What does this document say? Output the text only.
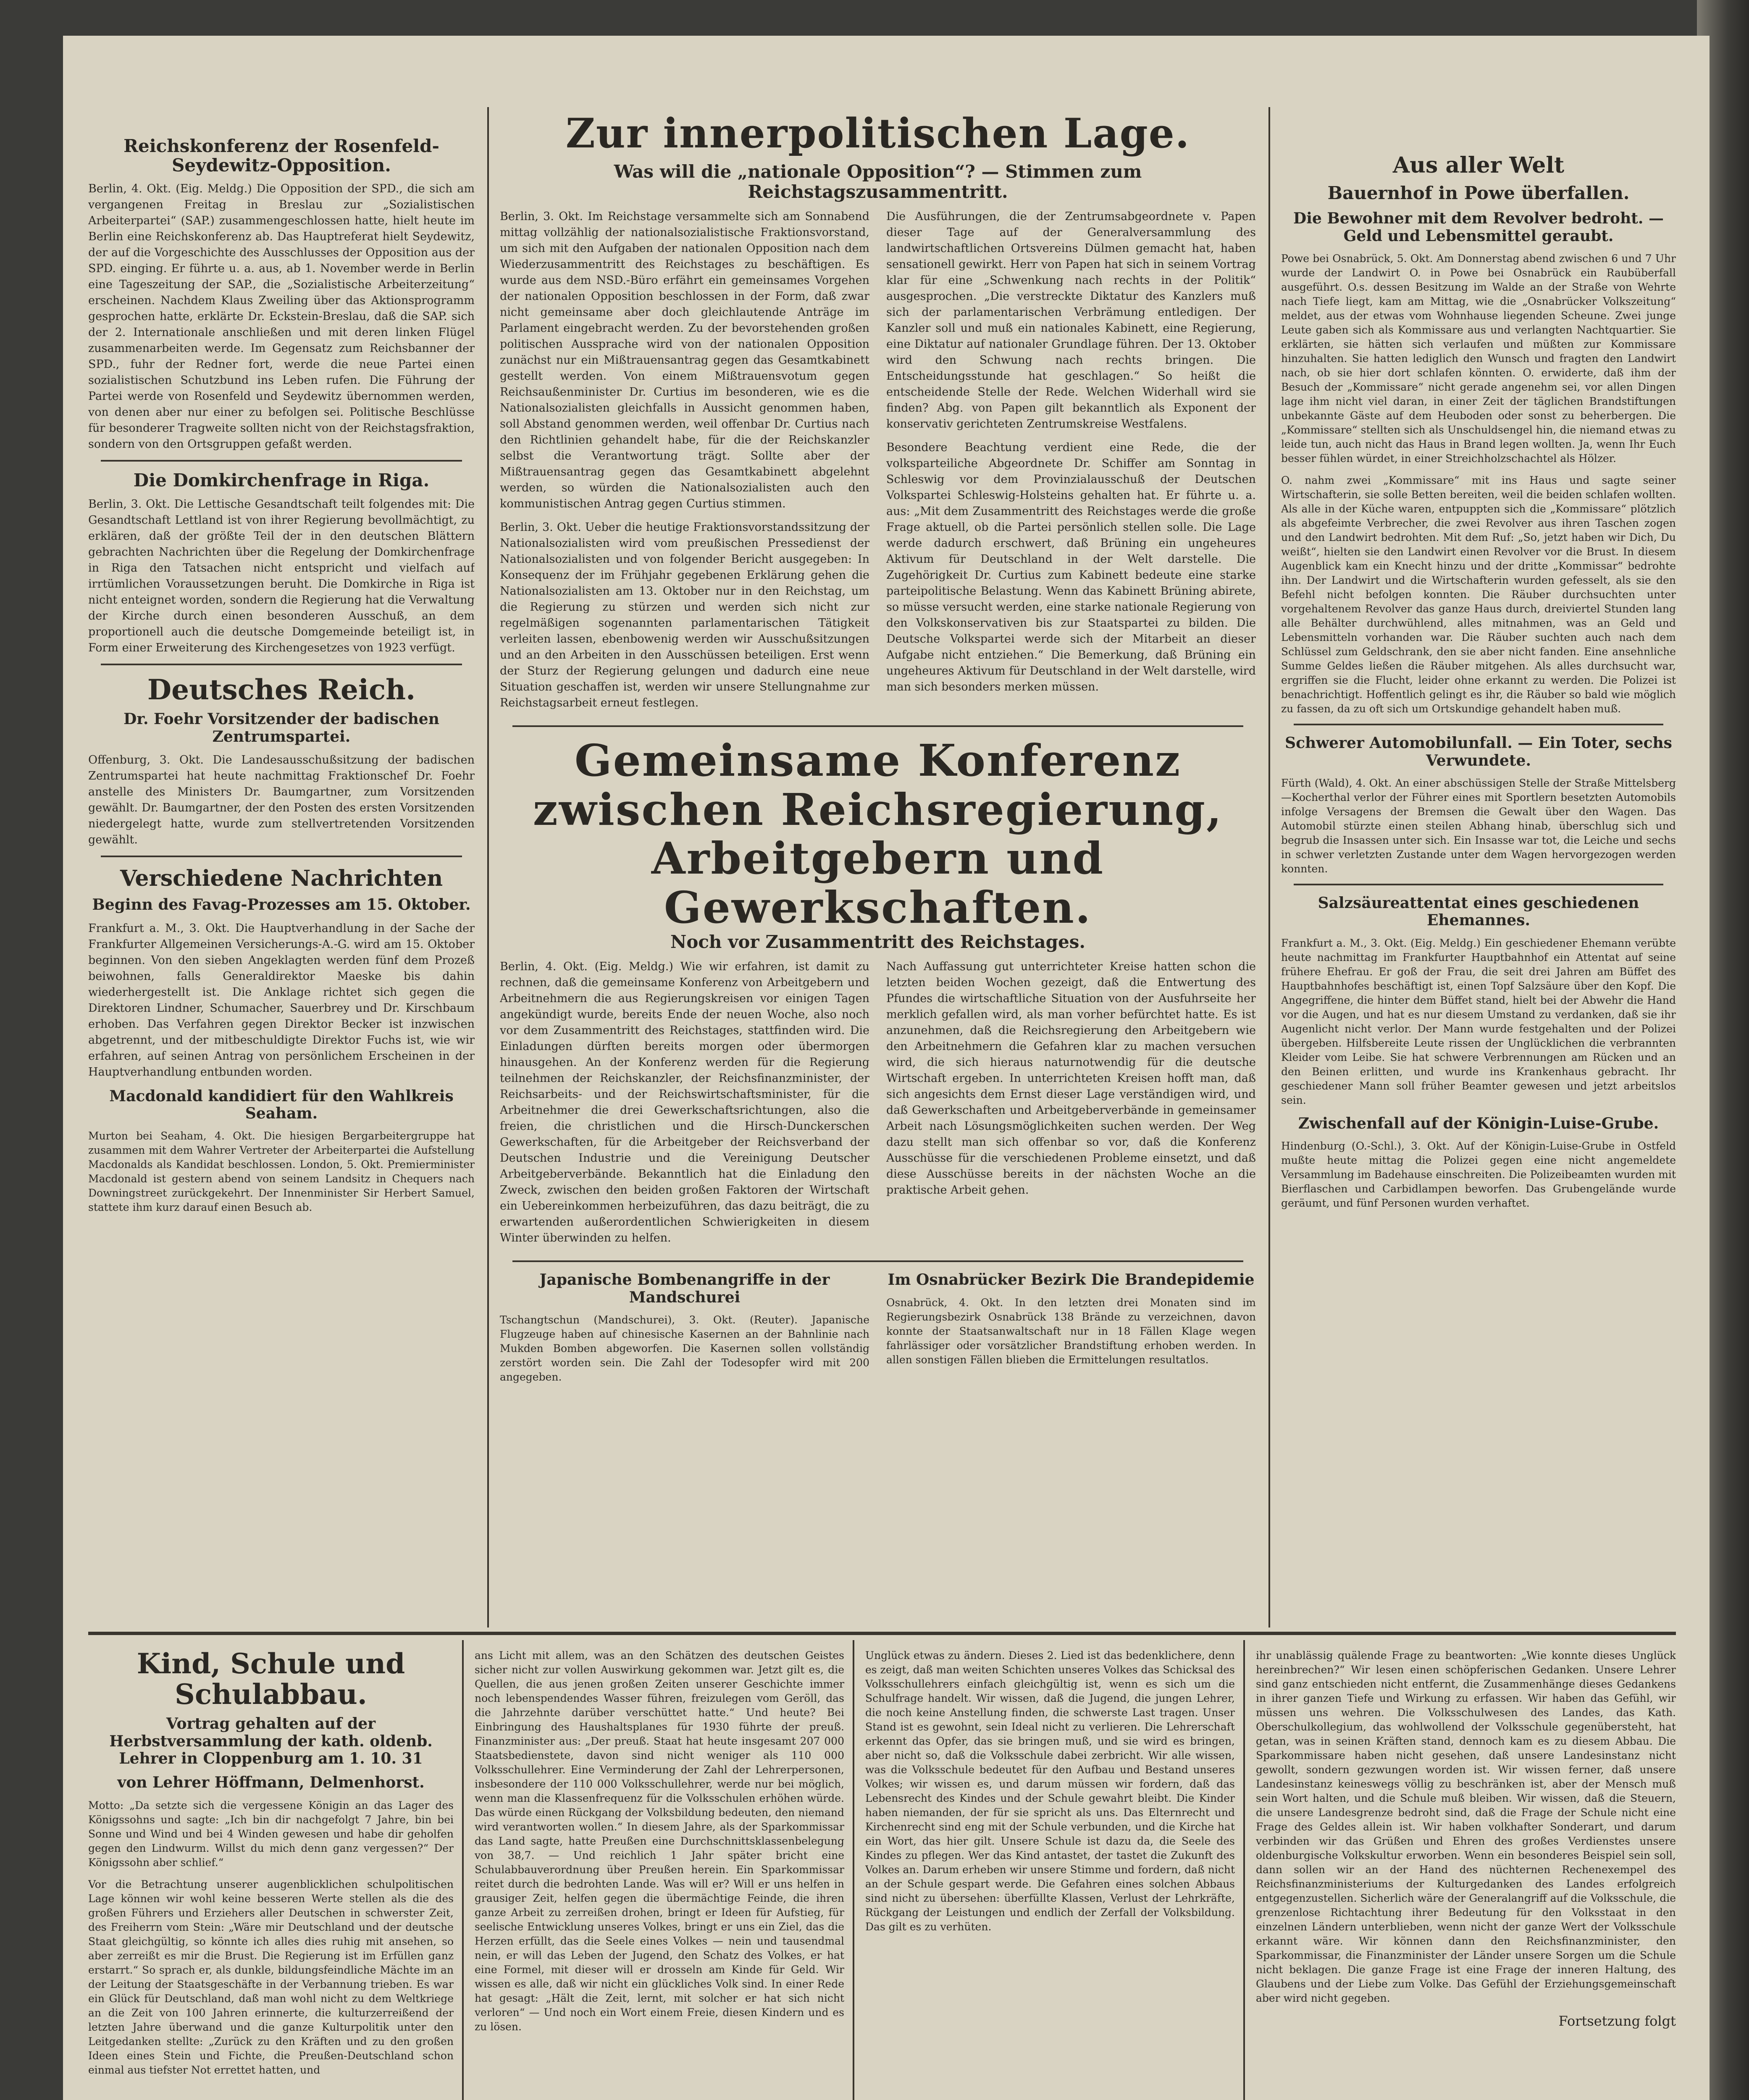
Reichskonferenz der Rosenfeld-Seydewitz-Opposition.

Berlin, 4. Okt. (Eig. Meldg.) Die Opposition der SPD., die sich am vergangenen Freitag in Breslau zur „Sozialistischen Arbeiterpartei“ (SAP.) zusammengeschlossen hatte, hielt heute im Berlin eine Reichskonferenz ab. Das Hauptreferat hielt Seydewitz, der auf die Vorgeschichte des Ausschlusses der Opposition aus der SPD. einging. Er führte u. a. aus, ab 1. November werde in Berlin eine Tageszeitung der SAP., die „Sozialistische Arbeiterzeitung“ erscheinen. Nachdem Klaus Zweiling über das Aktionsprogramm gesprochen hatte, erklärte Dr. Eckstein-Breslau, daß die SAP. sich der 2. Internationale anschließen und mit deren linken Flügel zusammenarbeiten werde. Im Gegensatz zum Reichsbanner der SPD., fuhr der Redner fort, werde die neue Partei einen sozialistischen Schutzbund ins Leben rufen. Die Führung der Partei werde von Rosenfeld und Seydewitz übernommen werden, von denen aber nur einer zu befolgen sei. Politische Beschlüsse für besonderer Tragweite sollten nicht von der Reichstagsfraktion, sondern von den Ortsgruppen gefaßt werden.

Die Domkirchenfrage in Riga.

Berlin, 3. Okt. Die Lettische Gesandtschaft teilt folgendes mit: Die Gesandtschaft Lettland ist von ihrer Regierung bevollmächtigt, zu erklären, daß der größte Teil der in den deutschen Blättern gebrachten Nachrichten über die Regelung der Domkirchenfrage in Riga den Tatsachen nicht entspricht und vielfach auf irrtümlichen Voraussetzungen beruht. Die Domkirche in Riga ist nicht enteignet worden, sondern die Regierung hat die Verwaltung der Kirche durch einen besonderen Ausschuß, an dem proportionell auch die deutsche Domgemeinde beteiligt ist, in Form einer Erweiterung des Kirchengesetzes von 1923 verfügt.

Deutsches Reich.
Dr. Foehr Vorsitzender der badischen Zentrumspartei.

Offenburg, 3. Okt. Die Landesausschußsitzung der badischen Zentrumspartei hat heute nachmittag Fraktionschef Dr. Foehr anstelle des Ministers Dr. Baumgartner, zum Vorsitzenden gewählt. Dr. Baumgartner, der den Posten des ersten Vorsitzenden niedergelegt hatte, wurde zum stellvertretenden Vorsitzenden gewählt.

Verschiedene Nachrichten
Beginn des Favag-Prozesses am 15. Oktober.

Frankfurt a. M., 3. Okt. Die Hauptverhandlung in der Sache der Frankfurter Allgemeinen Versicherungs-A.-G. wird am 15. Oktober beginnen. Von den sieben Angeklagten werden fünf dem Prozeß beiwohnen, falls Generaldirektor Maeske bis dahin wiederhergestellt ist. Die Anklage richtet sich gegen die Direktoren Lindner, Schumacher, Sauerbrey und Dr. Kirschbaum erhoben. Das Verfahren gegen Direktor Becker ist inzwischen abgetrennt, und der mitbeschuldigte Direktor Fuchs ist, wie wir erfahren, auf seinen Antrag von persönlichem Erscheinen in der Hauptverhandlung entbunden worden.

Macdonald kandidiert für den Wahlkreis Seaham.

Murton bei Seaham, 4. Okt. Die hiesigen Bergarbeitergruppe hat zusammen mit dem Wahrer Vertreter der Arbeiterpartei die Aufstellung Macdonalds als Kandidat beschlossen. London, 5. Okt. Premierminister Macdonald ist gestern abend von seinem Landsitz in Chequers nach Downingstreet zurückgekehrt. Der Innenminister Sir Herbert Samuel, stattete ihm kurz darauf einen Besuch ab.

Zur innerpolitischen Lage.
Was will die „nationale Opposition“? — Stimmen zum Reichstagszusammentritt.

Berlin, 3. Okt. Im Reichstage versammelte sich am Sonnabend mittag vollzählig der nationalsozialistische Fraktionsvorstand, um sich mit den Aufgaben der nationalen Opposition nach dem Wiederzusammentritt des Reichstages zu beschäftigen. Es wurde aus dem NSD.-Büro erfährt ein gemeinsames Vorgehen der nationalen Opposition beschlossen in der Form, daß zwar nicht gemeinsame aber doch gleichlautende Anträge im Parlament eingebracht werden. Zu der bevorstehenden großen politischen Aussprache wird von der nationalen Opposition zunächst nur ein Mißtrauensantrag gegen das Gesamtkabinett gestellt werden. Von einem Mißtrauensvotum gegen Reichsaußenminister Dr. Curtius im besonderen, wie es die Nationalsozialisten gleichfalls in Aussicht genommen haben, soll Abstand genommen werden, weil offenbar Dr. Curtius nach den Richtlinien gehandelt habe, für die der Reichskanzler selbst die Verantwortung trägt. Sollte aber der Mißtrauensantrag gegen das Gesamtkabinett abgelehnt werden, so würden die Nationalsozialisten auch den kommunistischen Antrag gegen Curtius stimmen.

Berlin, 3. Okt. Ueber die heutige Fraktionsvorstandssitzung der Nationalsozialisten wird vom preußischen Pressedienst der Nationalsozialisten und von folgender Bericht ausgegeben: In Konsequenz der im Frühjahr gegebenen Erklärung gehen die Nationalsozialisten am 13. Oktober nur in den Reichstag, um die Regierung zu stürzen und werden sich nicht zur regelmäßigen sogenannten parlamentarischen Tätigkeit verleiten lassen, ebenbowenig werden wir Ausschußsitzungen und an den Arbeiten in den Ausschüssen beteiligen. Erst wenn der Sturz der Regierung gelungen und dadurch eine neue Situation geschaffen ist, werden wir unsere Stellungnahme zur Reichstagsarbeit erneut festlegen.

Die Ausführungen, die der Zentrumsabgeordnete v. Papen dieser Tage auf der Generalversammlung des landwirtschaftlichen Ortsvereins Dülmen gemacht hat, haben sensationell gewirkt. Herr von Papen hat sich in seinem Vortrag klar für eine „Schwenkung nach rechts in der Politik“ ausgesprochen. „Die verstreckte Diktatur des Kanzlers muß sich der parlamentarischen Verbrämung entledigen. Der Kanzler soll und muß ein nationales Kabinett, eine Regierung, eine Diktatur auf nationaler Grundlage führen. Der 13. Oktober wird den Schwung nach rechts bringen. Die Entscheidungsstunde hat geschlagen.“ So heißt die entscheidende Stelle der Rede. Welchen Widerhall wird sie finden? Abg. von Papen gilt bekanntlich als Exponent der konservativ gerichteten Zentrumskreise Westfalens.

Besondere Beachtung verdient eine Rede, die der volksparteiliche Abgeordnete Dr. Schiffer am Sonntag in Schleswig vor dem Provinzialausschuß der Deutschen Volkspartei Schleswig-Holsteins gehalten hat. Er führte u. a. aus: „Mit dem Zusammentritt des Reichstages werde die große Frage aktuell, ob die Partei persönlich stellen solle. Die Lage werde dadurch erschwert, daß Brüning ein ungeheures Aktivum für Deutschland in der Welt darstelle. Die Zugehörigkeit Dr. Curtius zum Kabinett bedeute eine starke parteipolitische Belastung. Wenn das Kabinett Brüning abirete, so müsse versucht werden, eine starke nationale Regierung von den Volkskonservativen bis zur Staatspartei zu bilden. Die Deutsche Volkspartei werde sich der Mitarbeit an dieser Aufgabe nicht entziehen.“ Die Bemerkung, daß Brüning ein ungeheures Aktivum für Deutschland in der Welt darstelle, wird man sich besonders merken müssen.

Gemeinsame Konferenz zwischen Reichsregierung, Arbeitgebern und Gewerkschaften.
Noch vor Zusammentritt des Reichstages.

Berlin, 4. Okt. (Eig. Meldg.) Wie wir erfahren, ist damit zu rechnen, daß die gemeinsame Konferenz von Arbeitgebern und Arbeitnehmern die aus Regierungskreisen vor einigen Tagen angekündigt wurde, bereits Ende der neuen Woche, also noch vor dem Zusammentritt des Reichstages, stattfinden wird. Die Einladungen dürften bereits morgen oder übermorgen hinausgehen. An der Konferenz werden für die Regierung teilnehmen der Reichskanzler, der Reichsfinanzminister, der Reichsarbeits- und der Reichswirtschaftsminister, für die Arbeitnehmer die drei Gewerkschaftsrichtungen, also die freien, die christlichen und die Hirsch-Dunckerschen Gewerkschaften, für die Arbeitgeber der Reichsverband der Deutschen Industrie und die Vereinigung Deutscher Arbeitgeberverbände. Bekanntlich hat die Einladung den Zweck, zwischen den beiden großen Faktoren der Wirtschaft ein Uebereinkommen herbeizuführen, das dazu beiträgt, die zu erwartenden außerordentlichen Schwierigkeiten in diesem Winter überwinden zu helfen.

Nach Auffassung gut unterrichteter Kreise hatten schon die letzten beiden Wochen gezeigt, daß die Entwertung des Pfundes die wirtschaftliche Situation von der Ausfuhrseite her merklich gefallen wird, als man vorher befürchtet hatte. Es ist anzunehmen, daß die Reichsregierung den Arbeitgebern wie den Arbeitnehmern die Gefahren klar zu machen versuchen wird, die sich hieraus naturnotwendig für die deutsche Wirtschaft ergeben. In unterrichteten Kreisen hofft man, daß sich angesichts dem Ernst dieser Lage verständigen wird, und daß Gewerkschaften und Arbeitgeberverbände in gemeinsamer Arbeit nach Lösungsmöglichkeiten suchen werden. Der Weg dazu stellt man sich offenbar so vor, daß die Konferenz Ausschüsse für die verschiedenen Probleme einsetzt, und daß diese Ausschüsse bereits in der nächsten Woche an die praktische Arbeit gehen.

Japanische Bombenangriffe in der Mandschurei

Tschangtschun (Mandschurei), 3. Okt. (Reuter). Japanische Flugzeuge haben auf chinesische Kasernen an der Bahnlinie nach Mukden Bomben abgeworfen. Die Kasernen sollen vollständig zerstört worden sein. Die Zahl der Todesopfer wird mit 200 angegeben.

Im Osnabrücker Bezirk Die Brandepidemie

Osnabrück, 4. Okt. In den letzten drei Monaten sind im Regierungsbezirk Osnabrück 138 Brände zu verzeichnen, davon konnte der Staatsanwaltschaft nur in 18 Fällen Klage wegen fahrlässiger oder vorsätzlicher Brandstiftung erhoben werden. In allen sonstigen Fällen blieben die Ermittelungen resultatlos.

Aus aller Welt
Bauernhof in Powe überfallen.
Die Bewohner mit dem Revolver bedroht. — Geld und Lebensmittel geraubt.

Powe bei Osnabrück, 5. Okt. Am Donnerstag abend zwischen 6 und 7 Uhr wurde der Landwirt O. in Powe bei Osnabrück ein Raubüberfall ausgeführt. O.s. dessen Besitzung im Walde an der Straße von Wehrte nach Tiefe liegt, kam am Mittag, wie die „Osnabrücker Volkszeitung“ meldet, aus der etwas vom Wohnhause liegenden Scheune. Zwei junge Leute gaben sich als Kommissare aus und verlangten Nachtquartier. Sie erklärten, sie hätten sich verlaufen und müßten zur Kommissare hinzuhalten. Sie hatten lediglich den Wunsch und fragten den Landwirt nach, ob sie hier dort schlafen könnten. O. erwiderte, daß ihm der Besuch der „Kommissare“ nicht gerade angenehm sei, vor allen Dingen lage ihm nicht viel daran, in einer Zeit der täglichen Brandstiftungen unbekannte Gäste auf dem Heuboden oder sonst zu beherbergen. Die „Kommissare“ stellten sich als Unschuldsengel hin, die niemand etwas zu leide tun, auch nicht das Haus in Brand legen wollten. Ja, wenn Ihr Euch besser fühlen würdet, in einer Streichholzschachtel als Hölzer.

O. nahm zwei „Kommissare“ mit ins Haus und sagte seiner Wirtschafterin, sie solle Betten bereiten, weil die beiden schlafen wollten. Als alle in der Küche waren, entpuppten sich die „Kommissare“ plötzlich als abgefeimte Verbrecher, die zwei Revolver aus ihren Taschen zogen und den Landwirt bedrohten. Mit dem Ruf: „So, jetzt haben wir Dich, Du weißt“, hielten sie den Landwirt einen Revolver vor die Brust. In diesem Augenblick kam ein Knecht hinzu und der dritte „Kommissar“ bedrohte ihn. Der Landwirt und die Wirtschafterin wurden gefesselt, als sie den Befehl nicht befolgen konnten. Die Räuber durchsuchten unter vorgehaltenem Revolver das ganze Haus durch, dreiviertel Stunden lang alle Behälter durchwühlend, alles mitnahmen, was an Geld und Lebensmitteln vorhanden war. Die Räuber suchten auch nach dem Schlüssel zum Geldschrank, den sie aber nicht fanden. Eine ansehnliche Summe Geldes ließen die Räuber mitgehen. Als alles durchsucht war, ergriffen sie die Flucht, leider ohne erkannt zu werden. Die Polizei ist benachrichtigt. Hoffentlich gelingt es ihr, die Räuber so bald wie möglich zu fassen, da zu oft sich um Ortskundige gehandelt haben muß.

Schwerer Automobilunfall. — Ein Toter, sechs Verwundete.

Fürth (Wald), 4. Okt. An einer abschüssigen Stelle der Straße Mittelsberg—Kocherthal verlor der Führer eines mit Sportlern besetzten Automobils infolge Versagens der Bremsen die Gewalt über den Wagen. Das Automobil stürzte einen steilen Abhang hinab, überschlug sich und begrub die Insassen unter sich. Ein Insasse war tot, die Leiche und sechs in schwer verletzten Zustande unter dem Wagen hervorgezogen werden konnten.

Salzsäureattentat eines geschiedenen Ehemannes.

Frankfurt a. M., 3. Okt. (Eig. Meldg.) Ein geschiedener Ehemann verübte heute nachmittag im Frankfurter Hauptbahnhof ein Attentat auf seine frühere Ehefrau. Er goß der Frau, die seit drei Jahren am Büffet des Hauptbahnhofes beschäftigt ist, einen Topf Salzsäure über den Kopf. Die Angegriffene, die hinter dem Büffet stand, hielt bei der Abwehr die Hand vor die Augen, und hat es nur diesem Umstand zu verdanken, daß sie ihr Augenlicht nicht verlor. Der Mann wurde festgehalten und der Polizei übergeben. Hilfsbereite Leute rissen der Unglücklichen die verbrannten Kleider vom Leibe. Sie hat schwere Verbrennungen am Rücken und an den Beinen erlitten, und wurde ins Krankenhaus gebracht. Ihr geschiedener Mann soll früher Beamter gewesen und jetzt arbeitslos sein.

Zwischenfall auf der Königin-Luise-Grube.

Hindenburg (O.-Schl.), 3. Okt. Auf der Königin-Luise-Grube in Ostfeld mußte heute mittag die Polizei gegen eine nicht angemeldete Versammlung im Badehause einschreiten. Die Polizeibeamten wurden mit Bierflaschen und Carbidlampen beworfen. Das Grubengelände wurde geräumt, und fünf Personen wurden verhaftet.

Kind, Schule und Schulabbau.
Vortrag gehalten auf der Herbstversammlung der kath. oldenb. Lehrer in Cloppenburg am 1. 10. 31
von Lehrer Höffmann, Delmenhorst.

Motto: „Da setzte sich die vergessene Königin an das Lager des Königssohns und sagte: „Ich bin dir nachgefolgt 7 Jahre, bin bei Sonne und Wind und bei 4 Winden gewesen und habe dir geholfen gegen den Lindwurm. Willst du mich denn ganz vergessen?“ Der Königssohn aber schlief.“

Vor die Betrachtung unserer augenblicklichen schulpolitischen Lage können wir wohl keine besseren Werte stellen als die des großen Führers und Erziehers aller Deutschen in schwerster Zeit, des Freiherrn vom Stein: „Wäre mir Deutschland und der deutsche Staat gleichgültig, so könnte ich alles dies ruhig mit ansehen, so aber zerreißt es mir die Brust. Die Regierung ist im Erfüllen ganz erstarrt.“ So sprach er, als dunkle, bildungsfeindliche Mächte im an der Leitung der Staatsgeschäfte in der Verbannung trieben. Es war ein Glück für Deutschland, daß man wohl nicht zu dem Weltkriege an die Zeit von 100 Jahren erinnerte, die kulturzerreißend der letzten Jahre überwand und die ganze Kulturpolitik unter den Leitgedanken stellte: „Zurück zu den Kräften und zu den großen Ideen eines Stein und Fichte, die Preußen-Deutschland schon einmal aus tiefster Not errettet hatten, und

ans Licht mit allem, was an den Schätzen des deutschen Geistes sicher nicht zur vollen Auswirkung gekommen war. Jetzt gilt es, die Quellen, die aus jenen großen Zeiten unserer Geschichte immer noch lebenspendendes Wasser führen, freizulegen vom Geröll, das die Jahrzehnte darüber verschüttet hatte.“ Und heute? Bei Einbringung des Haushaltsplanes für 1930 führte der preuß. Finanzminister aus: „Der preuß. Staat hat heute insgesamt 207 000 Staatsbedienstete, davon sind nicht weniger als 110 000 Volksschullehrer. Eine Verminderung der Zahl der Lehrerpersonen, insbesondere der 110 000 Volksschullehrer, werde nur bei möglich, wenn man die Klassenfrequenz für die Volksschulen erhöhen würde. Das würde einen Rückgang der Volksbildung bedeuten, den niemand wird verantworten wollen.“ In diesem Jahre, als der Sparkommissar das Land sagte, hatte Preußen eine Durchschnittsklassenbelegung von 38,7. — Und reichlich 1 Jahr später bricht eine Schulabbauverordnung über Preußen herein. Ein Sparkommissar reitet durch die bedrohten Lande. Was will er? Will er uns helfen in grausiger Zeit, helfen gegen die übermächtige Feinde, die ihren ganze Arbeit zu zerreißen drohen, bringt er Ideen für Aufstieg, für seelische Entwicklung unseres Volkes, bringt er uns ein Ziel, das die Herzen erfüllt, das die Seele eines Volkes — nein und tausendmal nein, er will das Leben der Jugend, den Schatz des Volkes, er hat eine Formel, mit dieser will er drosseln am Kinde für Geld. Wir wissen es alle, daß wir nicht ein glückliches Volk sind. In einer Rede hat gesagt: „Hält die Zeit, lernt, mit solcher er hat sich nicht verloren“ — Und noch ein Wort einem Freie, diesen Kindern und es zu lösen.

Unglück etwas zu ändern. Dieses 2. Lied ist das bedenklichere, denn es zeigt, daß man weiten Schichten unseres Volkes das Schicksal des Volksschullehrers einfach gleichgültig ist, wenn es sich um die Schulfrage handelt. Wir wissen, daß die Jugend, die jungen Lehrer, die noch keine Anstellung finden, die schwerste Last tragen. Unser Stand ist es gewohnt, sein Ideal nicht zu verlieren. Die Lehrerschaft erkennt das Opfer, das sie bringen muß, und sie wird es bringen, aber nicht so, daß die Volksschule dabei zerbricht. Wir alle wissen, was die Volksschule bedeutet für den Aufbau und Bestand unseres Volkes; wir wissen es, und darum müssen wir fordern, daß das Lebensrecht des Kindes und der Schule gewahrt bleibt. Die Kinder haben niemanden, der für sie spricht als uns. Das Elternrecht und Kirchenrecht sind eng mit der Schule verbunden, und die Kirche hat ein Wort, das hier gilt. Unsere Schule ist dazu da, die Seele des Kindes zu pflegen. Wer das Kind antastet, der tastet die Zukunft des Volkes an. Darum erheben wir unsere Stimme und fordern, daß nicht an der Schule gespart werde. Die Gefahren eines solchen Abbaus sind nicht zu übersehen: überfüllte Klassen, Verlust der Lehrkräfte, Rückgang der Leistungen und endlich der Zerfall der Volksbildung. Das gilt es zu verhüten.

ihr unablässig quälende Frage zu beantworten: „Wie konnte dieses Unglück hereinbrechen?“ Wir lesen einen schöpferischen Gedanken. Unsere Lehrer sind ganz entschieden nicht entfernt, die Zusammenhänge dieses Gedankens in ihrer ganzen Tiefe und Wirkung zu erfassen. Wir haben das Gefühl, wir müssen uns wehren. Die Volksschulwesen des Landes, das Kath. Oberschulkollegium, das wohlwollend der Volksschule gegenübersteht, hat getan, was in seinen Kräften stand, dennoch kam es zu diesem Abbau. Die Sparkommissare haben nicht gesehen, daß unsere Landesinstanz nicht gewollt, sondern gezwungen worden ist. Wir wissen ferner, daß unsere Landesinstanz keineswegs völlig zu beschränken ist, aber der Mensch muß sein Wort halten, und die Schule muß bleiben. Wir wissen, daß die Steuern, die unsere Landesgrenze bedroht sind, daß die Frage der Schule nicht eine Frage des Geldes allein ist. Wir haben volkhafter Sonderart, und darum verbinden wir das Grüßen und Ehren des großes Verdienstes unsere oldenburgische Volkskultur erworben. Wenn ein besonderes Beispiel sein soll, dann sollen wir an der Hand des nüchternen Rechenexempel des Reichsfinanzministeriums der Kulturgedanken des Landes erfolgreich entgegenzustellen. Sicherlich wäre der Generalangriff auf die Volksschule, die grenzenlose Richtachtung ihrer Bedeutung für den Volksstaat in den einzelnen Ländern unterblieben, wenn nicht der ganze Wert der Volksschule erkannt wäre. Wir können dann den Reichsfinanzminister, den Sparkommissar, die Finanzminister der Länder unsere Sorgen um die Schule nicht beklagen. Die ganze Frage ist eine Frage der inneren Haltung, des Glaubens und der Liebe zum Volke. Das Gefühl der Erziehungsgemeinschaft aber wird nicht gegeben.

Fortsetzung folgt
